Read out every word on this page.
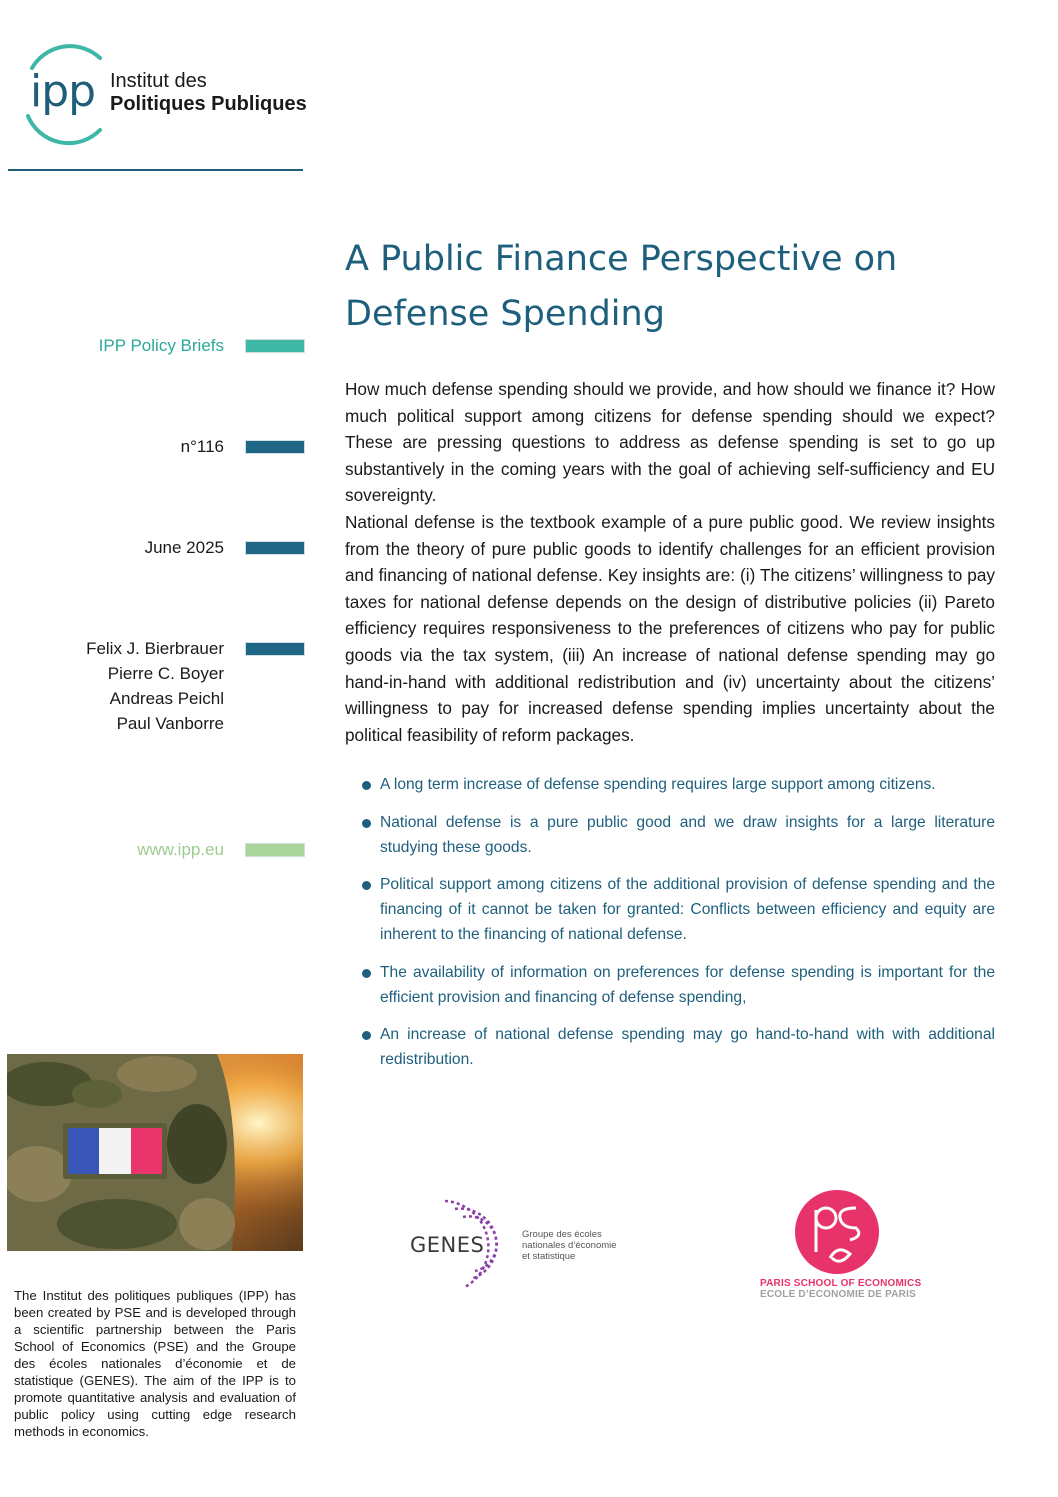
ipp Institut des
Politiques Publiques
A Public Finance Perspective on
Defense Spending
IPP Policy Briefs
n°116
June 2025
Felix J. Bierbrauer
Pierre C. Boyer
Andreas Peichl
Paul Vanborre
www.ipp.eu

How much defense spending should we provide, and how should we finance it? How much political support among citizens for defense spending should we expect? These are pressing questions to address as defense spending is set to go up substantively in the coming years with the goal of achieving self-sufficiency and EU sovereignty.

National defense is the textbook example of a pure public good. We review insights from the theory of pure public goods to identify challenges for an efficient provision and financing of national defense. Key insights are: (i) The citizens’ willingness to pay taxes for national defense depends on the design of distributive policies (ii) Pareto efficiency requires responsiveness to the preferences of citizens who pay for public goods via the tax system, (iii) An increase of national defense spending may go hand-in-hand with additional redistribution and (iv) uncertainty about the citizens’ willingness to pay for increased defense spending implies uncertainty about the political feasibility of reform packages.

A long term increase of defense spending requires large support among citizens.
National defense is a pure public good and we draw insights for a large literature studying these goods.
Political support among citizens of the additional provision of defense spending and the financing of it cannot be taken for granted: Conflicts between efficiency and equity are inherent to the financing of national defense.
The availability of information on preferences for defense spending is important for the efficient provision and financing of defense spending,
An increase of national defense spending may go hand-to-hand with with additional redistribution.
The Institut des politiques publiques (IPP) has been created by PSE and is developed through a scientific partnership between the Paris School of Economics (PSE) and the Groupe des écoles nationales d’économie et de statistique (GENES). The aim of the IPP is to promote quantitative analysis and evaluation of public policy using cutting edge research methods in economics.
GENES	Groupe des écoles nationales d’économie et statistique
PARIS SCHOOL OF ECONOMICS
ECOLE D’ECONOMIE DE PARIS
